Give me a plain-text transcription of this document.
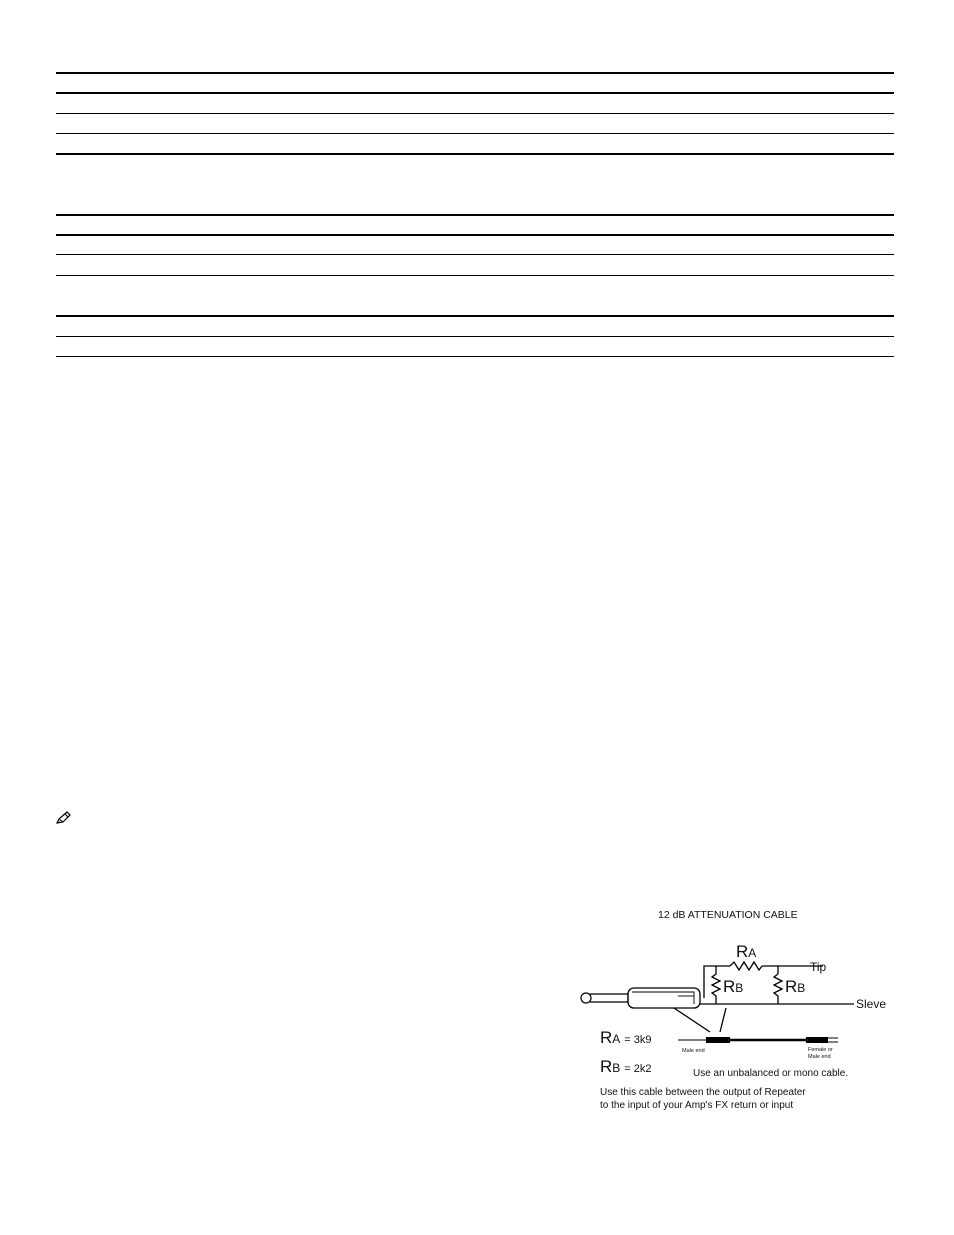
12 dB ATTENUATION CABLE
RA
RB RB
Tip
Sleve
RA = 3k9
RB = 2k2
Male end	Female or
Male end
Use an unbalanced or mono cable.
Use this cable between the output of Repeater
to the input of your Amp's FX return or input
